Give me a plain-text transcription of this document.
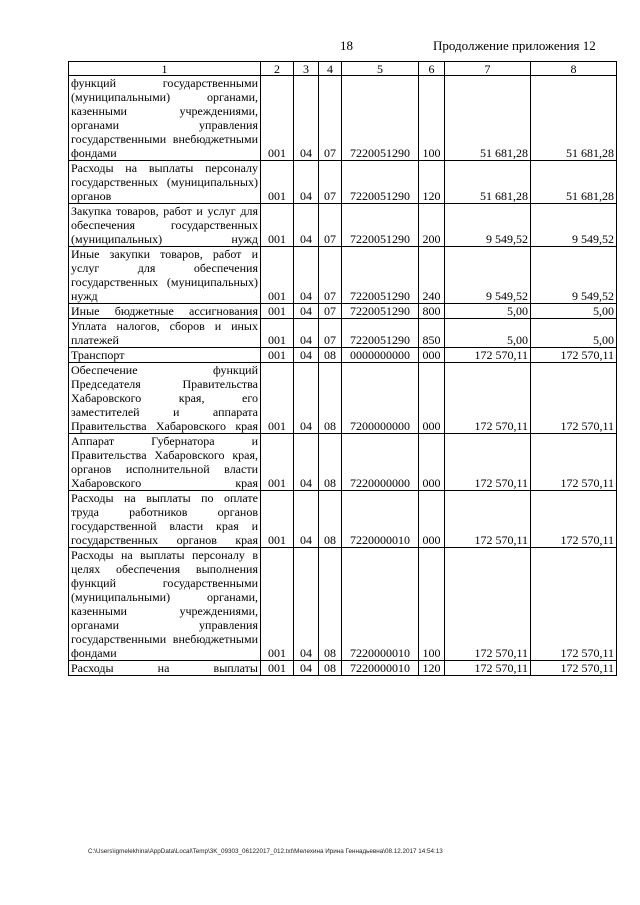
18	Продолжение приложения 12
1	2	3	4	5	6	7	8
функций государственными (муниципальными) органами, казенными учреждениями, органами управления государственными внебюджетными фондами	001	04	07	7220051290	100	51 681,28	51 681,28
Расходы на выплаты персоналу государственных (муниципальных) органов	001	04	07	7220051290	120	51 681,28	51 681,28
Закупка товаров, работ и услуг для обеспечения государственных (муниципальных) нужд	001	04	07	7220051290	200	9 549,52	9 549,52
Иные закупки товаров, работ и услуг для обеспечения государственных (муниципальных) нужд	001	04	07	7220051290	240	9 549,52	9 549,52
Иные бюджетные ассигнования	001	04	07	7220051290	800	5,00	5,00
Уплата налогов, сборов и иных платежей	001	04	07	7220051290	850	5,00	5,00
Транспорт	001	04	08	0000000000	000	172 570,11	172 570,11
Обеспечение функций Председателя Правительства Хабаровского края, его заместителей и аппарата Правительства Хабаровского края	001	04	08	7200000000	000	172 570,11	172 570,11
Аппарат Губернатора и Правительства Хабаровского края, органов исполнительной власти Хабаровского края	001	04	08	7220000000	000	172 570,11	172 570,11
Расходы на выплаты по оплате труда работников органов государственной власти края и государственных органов края	001	04	08	7220000010	000	172 570,11	172 570,11
Расходы на выплаты персоналу в целях обеспечения выполнения функций государственными (муниципальными) органами, казенными учреждениями, органами управления государственными внебюджетными фондами	001	04	08	7220000010	100	172 570,11	172 570,11
Расходы на выплаты	001	04	08	7220000010	120	172 570,11	172 570,11
C:\Users\igmelekhina\AppData\Local\Temp\3K_09303_06122017_012.txt\Мелехина Ирина Геннадьевна\08.12.2017 14:54:13
